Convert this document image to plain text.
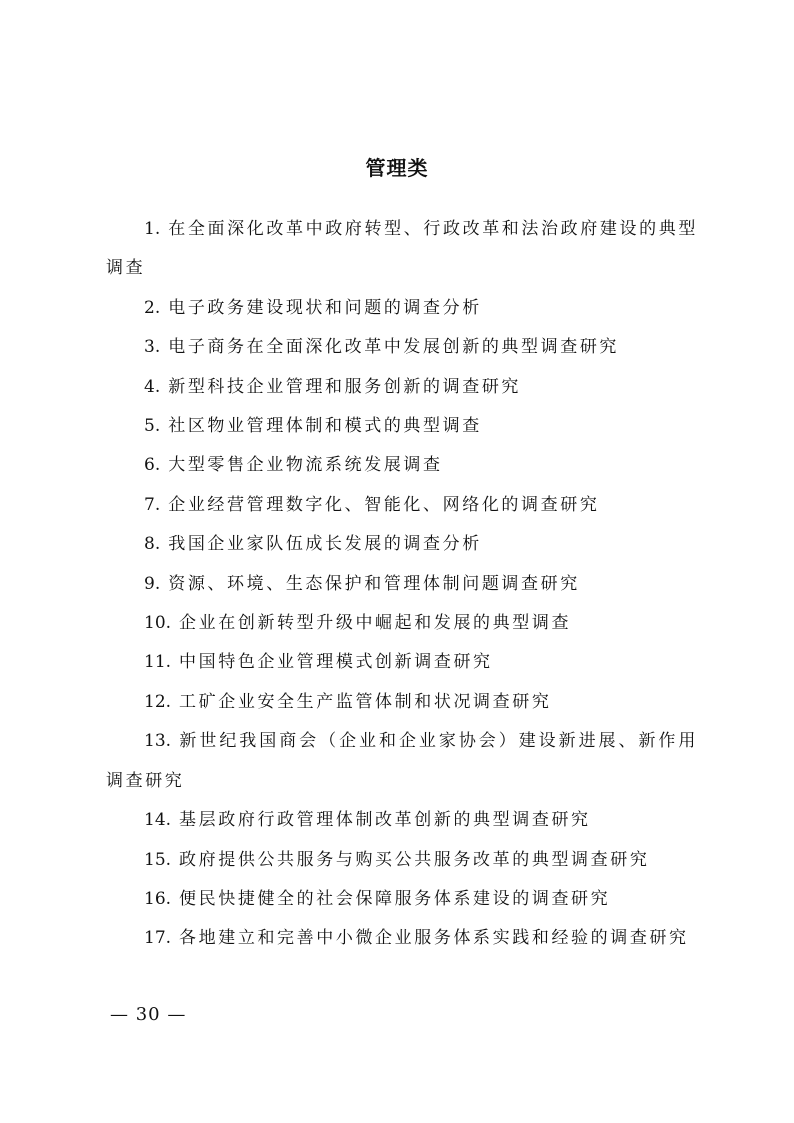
管理类

1. 在全面深化改革中政府转型、行政改革和法治政府建设的典型调查

2. 电子政务建设现状和问题的调查分析

3. 电子商务在全面深化改革中发展创新的典型调查研究

4. 新型科技企业管理和服务创新的调查研究

5. 社区物业管理体制和模式的典型调查

6. 大型零售企业物流系统发展调查

7. 企业经营管理数字化、智能化、网络化的调查研究

8. 我国企业家队伍成长发展的调查分析

9. 资源、环境、生态保护和管理体制问题调查研究

10. 企业在创新转型升级中崛起和发展的典型调查

11. 中国特色企业管理模式创新调查研究

12. 工矿企业安全生产监管体制和状况调查研究

13. 新世纪我国商会（企业和企业家协会）建设新进展、新作用调查研究

14. 基层政府行政管理体制改革创新的典型调查研究

15. 政府提供公共服务与购买公共服务改革的典型调查研究

16. 便民快捷健全的社会保障服务体系建设的调查研究

17. 各地建立和完善中小微企业服务体系实践和经验的调查研究

— 30 —
